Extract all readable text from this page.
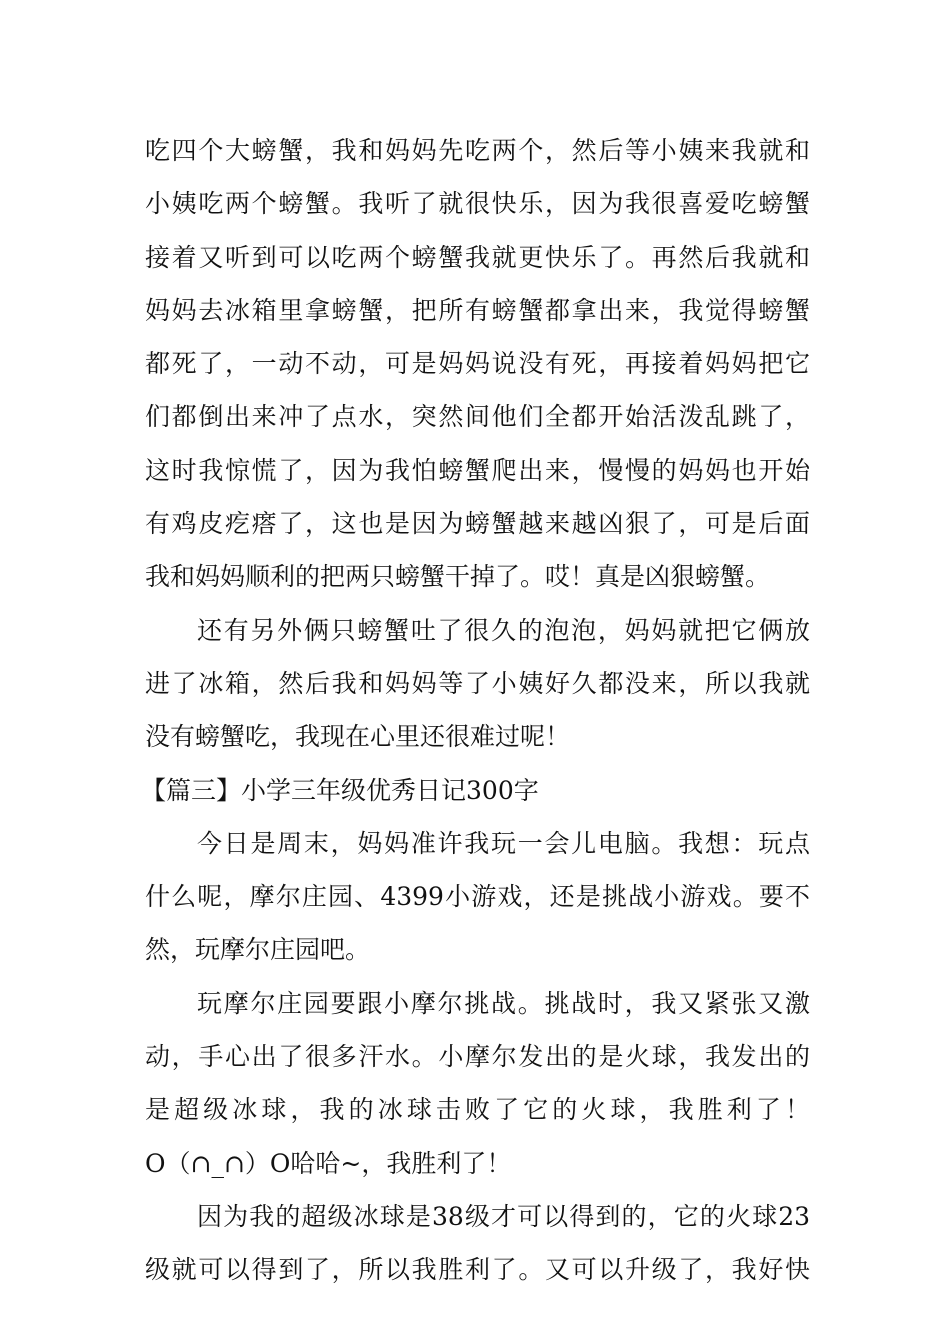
吃四个大螃蟹，我和妈妈先吃两个，然后等小姨来我就和
小姨吃两个螃蟹。我听了就很快乐，因为我很喜爱吃螃蟹
接着又听到可以吃两个螃蟹我就更快乐了。再然后我就和
妈妈去冰箱里拿螃蟹，把所有螃蟹都拿出来，我觉得螃蟹
都死了，一动不动，可是妈妈说没有死，再接着妈妈把它
们都倒出来冲了点水，突然间他们全都开始活泼乱跳了，
这时我惊慌了，因为我怕螃蟹爬出来，慢慢的妈妈也开始
有鸡皮疙瘩了，这也是因为螃蟹越来越凶狠了，可是后面
我和妈妈顺利的把两只螃蟹干掉了。哎！真是凶狠螃蟹。
还有另外俩只螃蟹吐了很久的泡泡，妈妈就把它俩放
进了冰箱，然后我和妈妈等了小姨好久都没来，所以我就
没有螃蟹吃，我现在心里还很难过呢！
【篇三】小学三年级优秀日记300字
今日是周末，妈妈准许我玩一会儿电脑。我想：玩点
什么呢，摩尔庄园、4399小游戏，还是挑战小游戏。要不
然，玩摩尔庄园吧。
玩摩尔庄园要跟小摩尔挑战。挑战时，我又紧张又激
动，手心出了很多汗水。小摩尔发出的是火球，我发出的
是超级冰球，我的冰球击败了它的火球，我胜利了！
O（∩_∩）O哈哈~，我胜利了！
因为我的超级冰球是38级才可以得到的，它的火球23
级就可以得到了，所以我胜利了。又可以升级了，我好快
